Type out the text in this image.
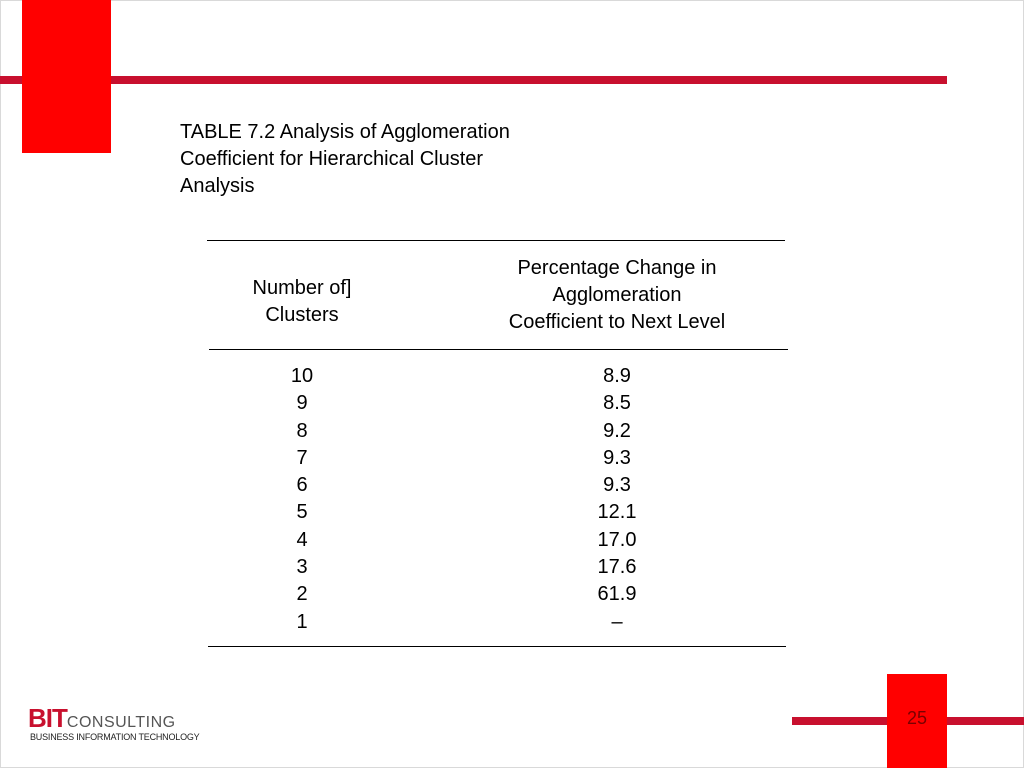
TABLE 7.2 Analysis of Agglomeration
Coefficient for Hierarchical Cluster
Analysis
Number of]
Clusters
Percentage Change in
Agglomeration
Coefficient to Next Level
10
9
8
7
6
5
4
3
2
1
8.9
8.5
9.2
9.3
9.3
12.1
17.0
17.6
61.9
–
25
BITCONSULTING
BUSINESS INFORMATION TECHNOLOGY
